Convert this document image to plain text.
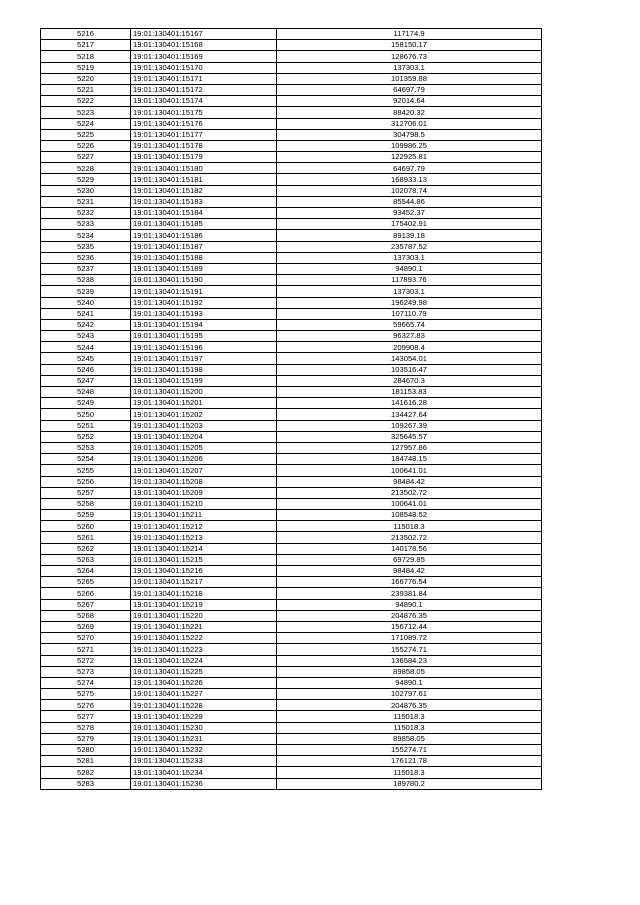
5216	19:01:130401:15167	117174.9
5217	19:01:130401:15168	158150.17
5218	19:01:130401:15169	128676.73
5219	19:01:130401:15170	137303.1
5220	19:01:130401:15171	101359.88
5221	19:01:130401:15172	64697.79
5222	19:01:130401:15174	92014.64
5223	19:01:130401:15175	88420.32
5224	19:01:130401:15176	312706.01
5225	19:01:130401:15177	304798.5
5226	19:01:130401:15178	109986.25
5227	19:01:130401:15179	122925.81
5228	19:01:130401:15180	64697.79
5229	19:01:130401:15181	168933.13
5230	19:01:130401:15182	102078.74
5231	19:01:130401:15183	85544.86
5232	19:01:130401:15184	93452.37
5233	19:01:130401:15185	175402.91
5234	19:01:130401:15186	89139.18
5235	19:01:130401:15187	235787.52
5236	19:01:130401:15188	137303.1
5237	19:01:130401:15189	94890.1
5238	19:01:130401:15190	117893.76
5239	19:01:130401:15191	137303.1
5240	19:01:130401:15192	196249.98
5241	19:01:130401:15193	107110.79
5242	19:01:130401:15194	59665.74
5243	19:01:130401:15195	96327.83
5244	19:01:130401:15196	209908.4
5245	19:01:130401:15197	143054.01
5246	19:01:130401:15198	103516.47
5247	19:01:130401:15199	284670.3
5248	19:01:130401:15200	181153.83
5249	19:01:130401:15201	141616.28
5250	19:01:130401:15202	134427.64
5251	19:01:130401:15203	109267.39
5252	19:01:130401:15204	325645.57
5253	19:01:130401:15205	127957.86
5254	19:01:130401:15206	184748.15
5255	19:01:130401:15207	100641.01
5256	19:01:130401:15208	98484.42
5257	19:01:130401:15209	213502.72
5258	19:01:130401:15210	100641.01
5259	19:01:130401:15211	108548.52
5260	19:01:130401:15212	115018.3
5261	19:01:130401:15213	213502.72
5262	19:01:130401:15214	140178.56
5263	19:01:130401:15215	69729.85
5264	19:01:130401:15216	98484.42
5265	19:01:130401:15217	166776.54
5266	19:01:130401:15218	239381.84
5267	19:01:130401:15219	94890.1
5268	19:01:130401:15220	204876.35
5269	19:01:130401:15221	156712.44
5270	19:01:130401:15222	171089.72
5271	19:01:130401:15223	155274.71
5272	19:01:130401:15224	136584.23
5273	19:01:130401:15225	89858.05
5274	19:01:130401:15226	94890.1
5275	19:01:130401:15227	102797.61
5276	19:01:130401:15228	204876.35
5277	19:01:130401:15229	115018.3
5278	19:01:130401:15230	115018.3
5279	19:01:130401:15231	89858.05
5280	19:01:130401:15232	155274.71
5281	19:01:130401:15233	176121.78
5282	19:01:130401:15234	115018.3
5283	19:01:130401:15236	189780.2
